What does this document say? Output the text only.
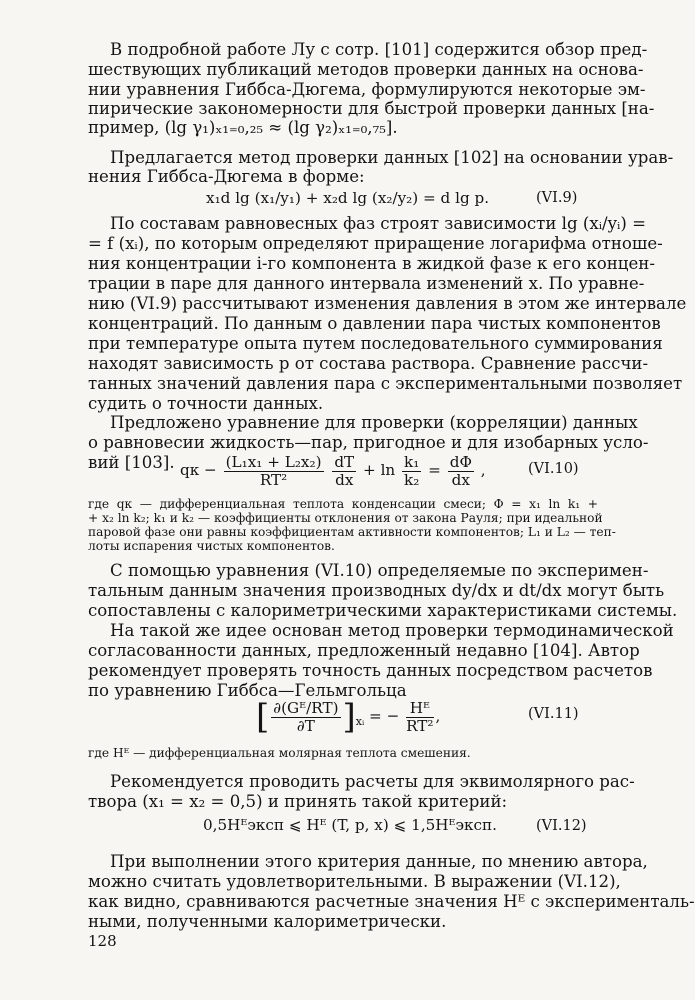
В подробной работе Лу с сотр. [101] содержится обзор пред-
шествующих публикаций методов проверки данных на основа-
нии уравнения Гиббса-Дюгема, формулируются некоторые эм-
пирические закономерности для быстрой проверки данных [на-
пример, (lg γ₁)ₓ₁₌₀,₂₅ ≈ (lg γ₂)ₓ₁₌₀,₇₅].
Предлагается метод проверки данных [102] на основании урав-
нения Гиббса-Дюгема в форме:
x₁d lg (x₁/y₁) + x₂d lg (x₂/y₂) = d lg p.	(VI.9)
По составам равновесных фаз строят зависимости lg (xᵢ/yᵢ) =
= f (xᵢ), по которым определяют приращение логарифма отноше-
ния концентрации i-го компонента в жидкой фазе к его концен-
трации в паре для данного интервала изменений x. По уравне-
нию (VI.9) рассчитывают изменения давления в этом же интервале
концентраций. По данным о давлении пара чистых компонентов
при температуре опыта путем последовательного суммирования
находят зависимость p от состава раствора. Сравнение рассчи-
танных значений давления пара с экспериментальными позволяет
судить о точности данных.
Предложено уравнение для проверки (корреляции) данных
о равновесии жидкость—пар, пригодное и для изобарных усло-
вий [103]. qк − $\frac{\text{(L₁x₁ + L₂x₂)}}{\text{RT²}}$
$\frac{dT}{dx} + \ln \frac{\text{k₁}}{\text{k₂}} = \frac{d\Phi}{dx}$ ,	(VI.10)
где qк — дифференциальная теплота конденсации смеси; Φ = x₁ ln k₁ +
+ x₂ ln k₂; k₁ и k₂ — коэффициенты отклонения от закона Рауля; при идеальной
паровой фазе они равны коэффициентам активности компонентов; L₁ и L₂ — теп-
лоты испарения чистых компонентов.
С помощью уравнения (VI.10) определяемые по эксперимен-
тальным данным значения производных dy/dx и dt/dx могут быть
сопоставлены с калориметрическими характеристиками системы.
На такой же идее основан метод проверки термодинамической
согласованности данных, предложенный недавно [104]. Автор
рекомендует проверять точность данных посредством расчетов
по уравнению Гиббса—Гельмгольца
[ $\frac{\text{∂(Gᴱ/RT)}}{\partial T} ]_{xᵢ}$ = − $\frac{\text{Hᴱ}}{\text{RT²}}$ ,	(VI.11)
где Hᴱ — дифференциальная молярная теплота смешения.
Рекомендуется проводить расчеты для эквимолярного рас-
твора (x₁ = x₂ = 0,5) и принять такой критерий:
0,5Hᴱэксп ⩽ Hᴱ (T, p, x) ⩽ 1,5Hᴱэксп.	(VI.12)
При выполнении этого критерия данные, по мнению автора,
можно считать удовлетворительными. В выражении (VI.12),
как видно, сравниваются расчетные значения Hᴱ с эксперименталь-
ными, полученными калориметрически.
128
